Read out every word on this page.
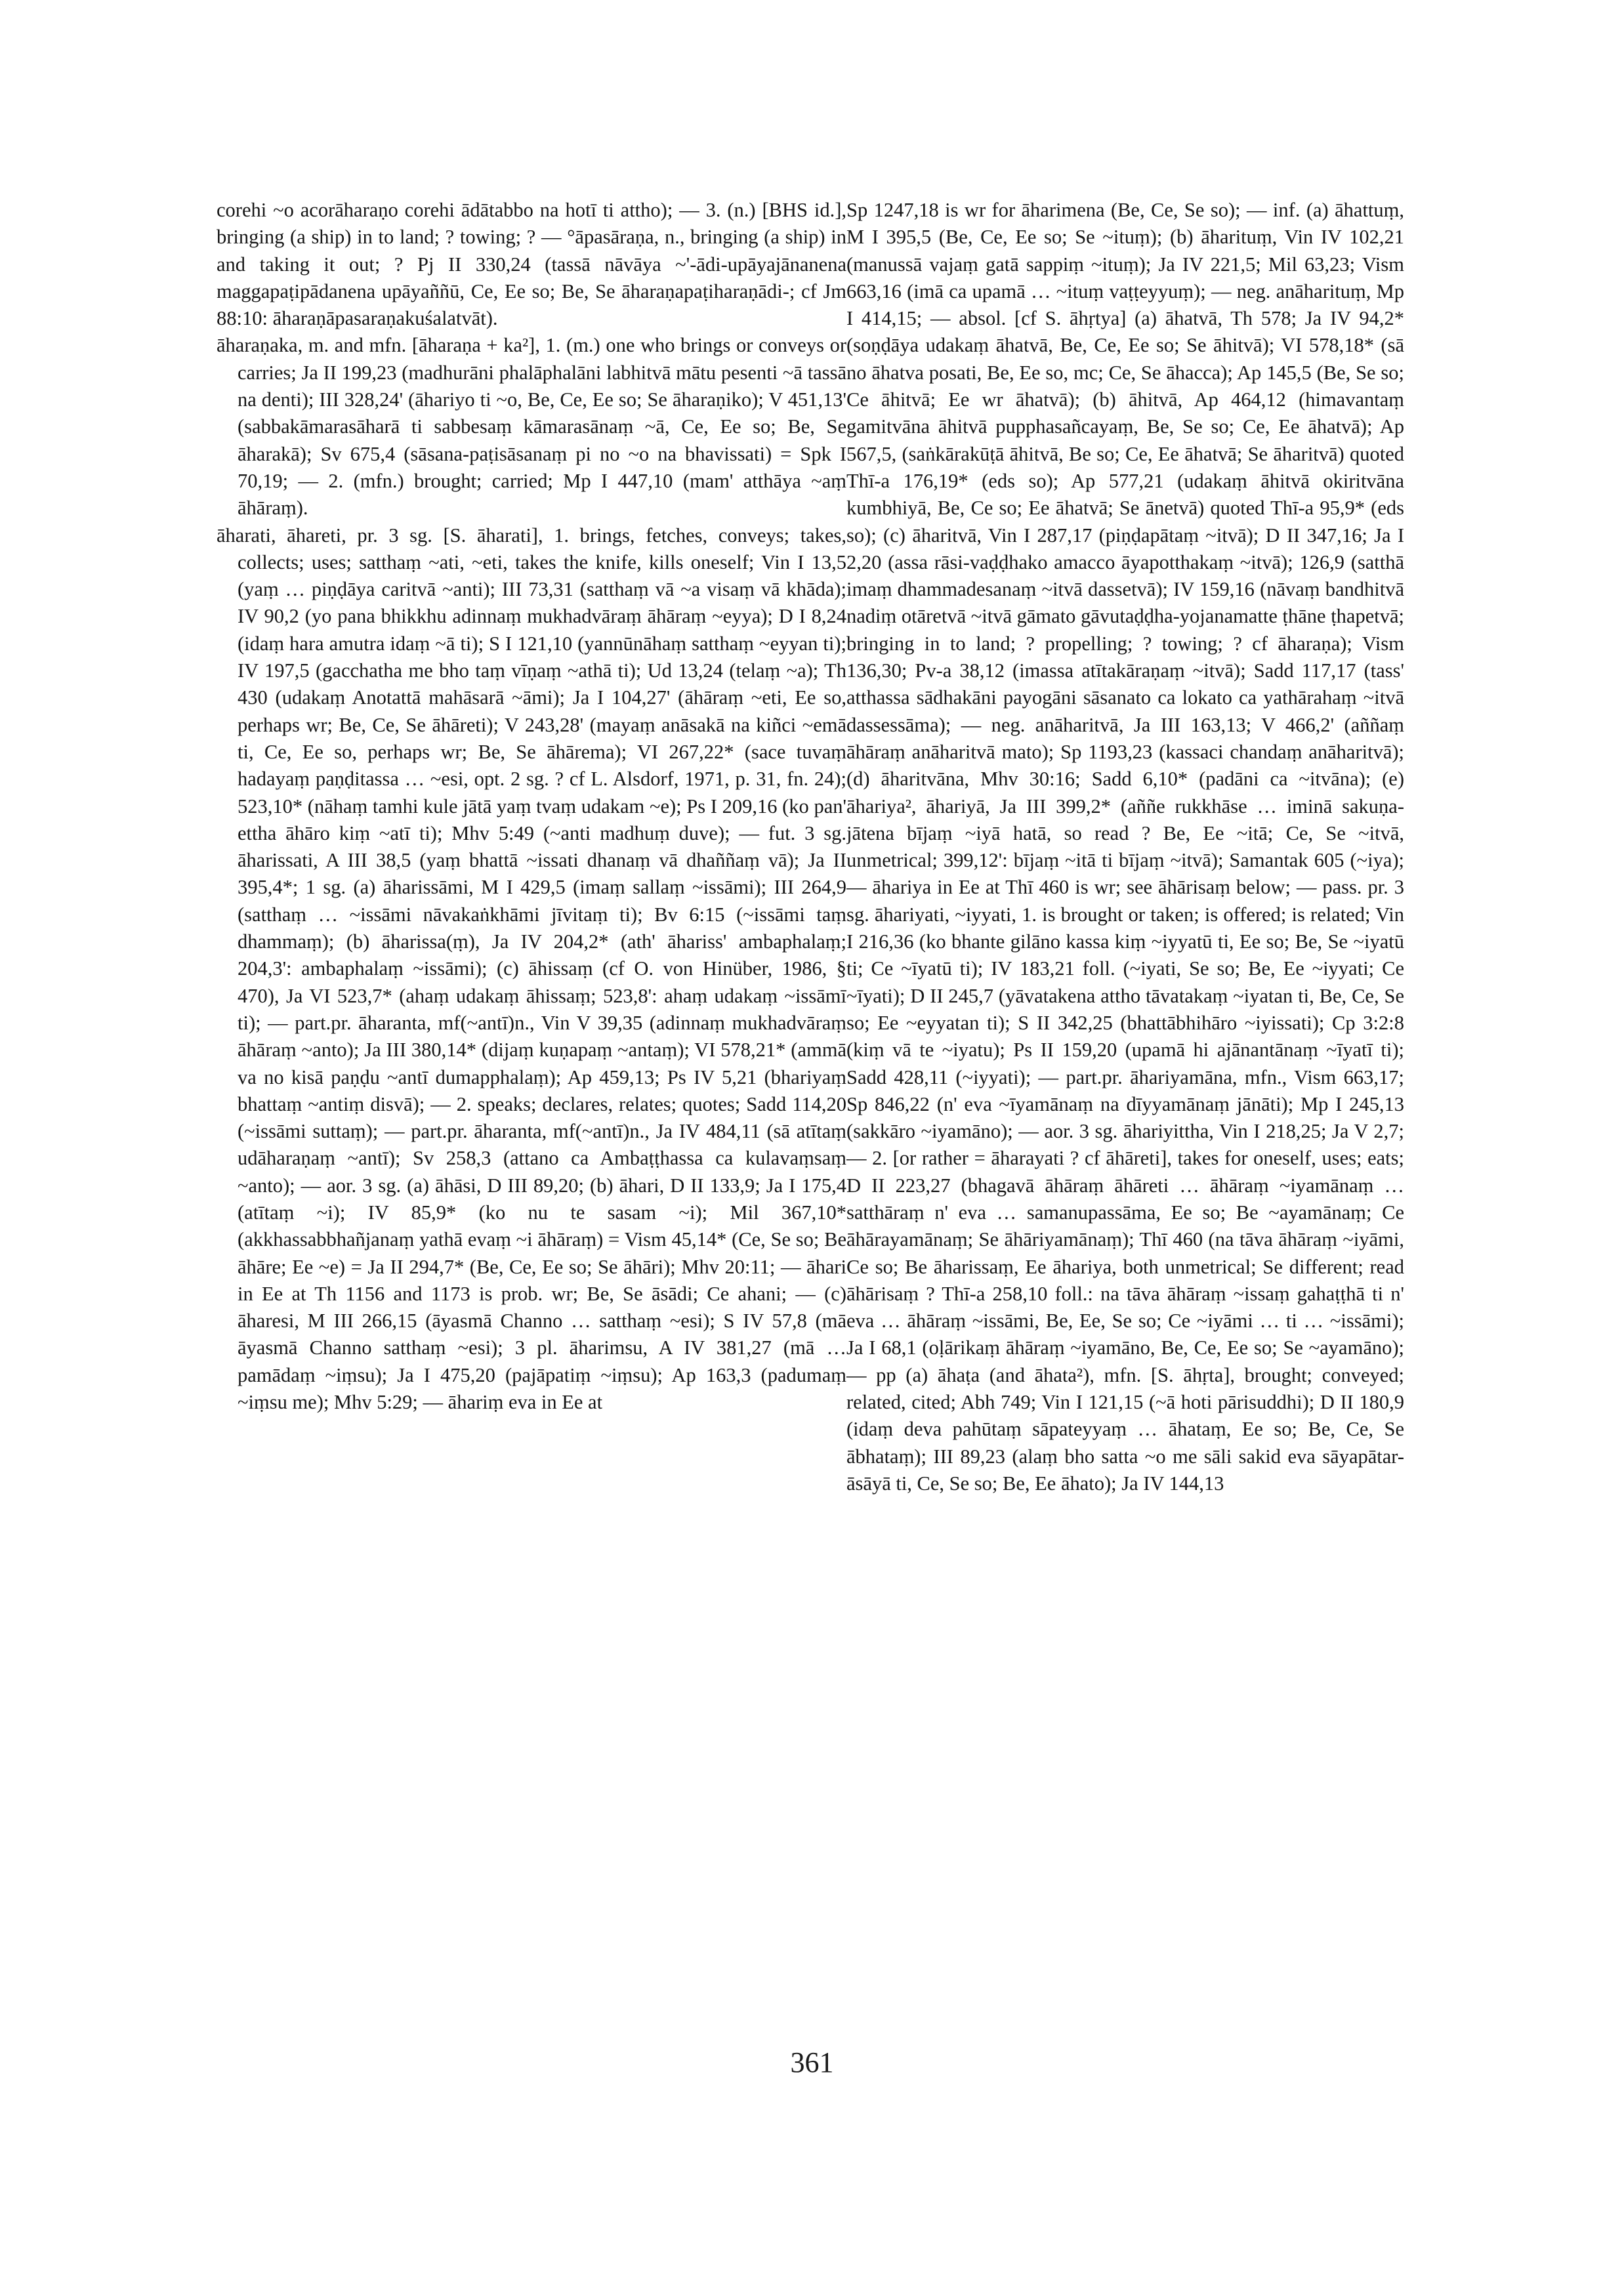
corehi ~o acorāharaṇo corehi ādātabbo na hotī ti attho); — 3. (n.) [BHS id.], bringing (a ship) in to land; ? towing; ? — °āpasāraṇa, n., bringing (a ship) in and taking it out; ? Pj II 330,24 (tassā nāvāya ~'-ādi-upāyajānanena maggapaṭipādanena upāyaññū, Ce, Ee so; Be, Se āharaṇapaṭiharaṇādi-; cf Jm 88:10: āharaṇāpasaraṇakuśalatvāt).

āharaṇaka, m. and mfn. [āharaṇa + ka²], 1. (m.) one who brings or conveys or carries; Ja II 199,23 (madhurāni phalāphalāni labhitvā mātu pesenti ~ā tassā na denti); III 328,24' (āhariyo ti ~o, Be, Ce, Ee so; Se āharaṇiko); V 451,13' (sabbakāmarasāharā ti sabbesaṃ kāmarasānaṃ ~ā, Ce, Ee so; Be, Se āharakā); Sv 675,4 (sāsana-paṭisāsanaṃ pi no ~o na bhavissati) = Spk I 70,19; — 2. (mfn.) brought; carried; Mp I 447,10 (mam' atthāya ~aṃ āhāraṃ).

āharati, āhareti, pr. 3 sg. [S. āharati], 1. brings, fetches, conveys; takes, collects; uses; satthaṃ ~ati, ~eti, takes the knife, kills oneself; Vin I 13,5 (yaṃ … piṇḍāya caritvā ~anti); III 73,31 (satthaṃ vā ~a visaṃ vā khāda); IV 90,2 (yo pana bhikkhu adinnaṃ mukhadvāraṃ āhāraṃ ~eyya); D I 8,24 (idaṃ hara amutra idaṃ ~ā ti); S I 121,10 (yannūnāhaṃ satthaṃ ~eyyan ti); IV 197,5 (gacchatha me bho taṃ vīṇaṃ ~athā ti); Ud 13,24 (telaṃ ~a); Th 430 (udakaṃ Anotattā mahāsarā ~āmi); Ja I 104,27' (āhāraṃ ~eti, Ee so, perhaps wr; Be, Ce, Se āhāreti); V 243,28' (mayaṃ anāsakā na kiñci ~emā ti, Ce, Ee so, perhaps wr; Be, Se āhārema); VI 267,22* (sace tuvaṃ hadayaṃ paṇḍitassa … ~esi, opt. 2 sg. ? cf L. Alsdorf, 1971, p. 31, fn. 24); 523,10* (nāhaṃ tamhi kule jātā yaṃ tvaṃ udakam ~e); Ps I 209,16 (ko pan' ettha āhāro kiṃ ~atī ti); Mhv 5:49 (~anti madhuṃ duve); — fut. 3 sg. āharissati, A III 38,5 (yaṃ bhattā ~issati dhanaṃ vā dhaññaṃ vā); Ja II 395,4*; 1 sg. (a) āharissāmi, M I 429,5 (imaṃ sallaṃ ~issāmi); III 264,9 (satthaṃ … ~issāmi nāvakaṅkhāmi jīvitaṃ ti); Bv 6:15 (~issāmi taṃ dhammaṃ); (b) āharissa(ṃ), Ja IV 204,2* (ath' āhariss' ambaphalaṃ; 204,3': ambaphalaṃ ~issāmi); (c) āhissaṃ (cf O. von Hinüber, 1986, § 470), Ja VI 523,7* (ahaṃ udakaṃ āhissaṃ; 523,8': ahaṃ udakaṃ ~issāmī ti); — part.pr. āharanta, mf(~antī)n., Vin V 39,35 (adinnaṃ mukhadvāraṃ āhāraṃ ~anto); Ja III 380,14* (dijaṃ kuṇapaṃ ~antaṃ); VI 578,21* (ammā va no kisā paṇḍu ~antī dumapphalaṃ); Ap 459,13; Ps IV 5,21 (bhariyaṃ bhattaṃ ~antiṃ disvā); — 2. speaks; declares, relates; quotes; Sadd 114,20 (~issāmi suttaṃ); — part.pr. āharanta, mf(~antī)n., Ja IV 484,11 (sā atītaṃ udāharaṇaṃ ~antī); Sv 258,3 (attano ca Ambaṭṭhassa ca kulavaṃsaṃ ~anto); — aor. 3 sg. (a) āhāsi, D III 89,20; (b) āhari, D II 133,9; Ja I 175,4 (atītaṃ ~i); IV 85,9* (ko nu te sasam ~i); Mil 367,10* (akkhassabbhañjanaṃ yathā evaṃ ~i āhāraṃ) = Vism 45,14* (Ce, Se so; Be āhāre; Ee ~e) = Ja II 294,7* (Be, Ce, Ee so; Se āhāri); Mhv 20:11; — āhari in Ee at Th 1156 and 1173 is prob. wr; Be, Se āsādi; Ce ahani; — (c) āharesi, M III 266,15 (āyasmā Channo … satthaṃ ~esi); S IV 57,8 (mā āyasmā Channo satthaṃ ~esi); 3 pl. āharimsu, A IV 381,27 (mā … pamādaṃ ~iṃsu); Ja I 475,20 (pajāpatiṃ ~iṃsu); Ap 163,3 (padumaṃ ~iṃsu me); Mhv 5:29; — āhariṃ eva in Ee at

Sp 1247,18 is wr for āharimena (Be, Ce, Se so); — inf. (a) āhattuṃ, M I 395,5 (Be, Ce, Ee so; Se ~ituṃ); (b) āharituṃ, Vin IV 102,21 (manussā vajaṃ gatā sappiṃ ~ituṃ); Ja IV 221,5; Mil 63,23; Vism 663,16 (imā ca upamā … ~ituṃ vaṭṭeyyuṃ); — neg. anāharituṃ, Mp I 414,15; — absol. [cf S. āhṛtya] (a) āhatvā, Th 578; Ja IV 94,2* (soṇḍāya udakaṃ āhatvā, Be, Ce, Ee so; Se āhitvā); VI 578,18* (sā no āhatva posati, Be, Ee so, mc; Ce, Se āhacca); Ap 145,5 (Be, Se so; Ce āhitvā; Ee wr āhatvā); (b) āhitvā, Ap 464,12 (himavantaṃ gamitvāna āhitvā pupphasañcayaṃ, Be, Se so; Ce, Ee āhatvā); Ap 567,5, (saṅkārakūṭā āhitvā, Be so; Ce, Ee āhatvā; Se āharitvā) quoted Thī-a 176,19* (eds so); Ap 577,21 (udakaṃ āhitvā okiritvāna kumbhiyā, Be, Ce so; Ee āhatvā; Se ānetvā) quoted Thī-a 95,9* (eds so); (c) āharitvā, Vin I 287,17 (piṇḍapātaṃ ~itvā); D II 347,16; Ja I 2,20 (assa rāsi-vaḍḍhako amacco āyapotthakaṃ ~itvā); 126,9 (satthā imaṃ dhammadesanaṃ ~itvā dassetvā); IV 159,16 (nāvaṃ bandhitvā nadiṃ otāretvā ~itvā gāmato gāvutaḍḍha-yojanamatte ṭhāne ṭhapetvā; bringing in to land; ? propelling; ? towing; ? cf āharaṇa); Vism 136,30; Pv-a 38,12 (imassa atītakāraṇaṃ ~itvā); Sadd 117,17 (tass' atthassa sādhakāni payogāni sāsanato ca lokato ca yathārahaṃ ~itvā dassessāma); — neg. anāharitvā, Ja III 163,13; V 466,2' (aññaṃ āhāraṃ anāharitvā mato); Sp 1193,23 (kassaci chandaṃ anāharitvā); (d) āharitvāna, Mhv 30:16; Sadd 6,10* (padāni ca ~itvāna); (e) āhariya², āhariyā, Ja III 399,2* (aññe rukkhāse … iminā sakuṇa-jātena bījaṃ ~iyā hatā, so read ? Be, Ee ~itā; Ce, Se ~itvā, unmetrical; 399,12': bījaṃ ~itā ti bījaṃ ~itvā); Samantak 605 (~iya); — āhariya in Ee at Thī 460 is wr; see āhārisaṃ below; — pass. pr. 3 sg. āhariyati, ~iyyati, 1. is brought or taken; is offered; is related; Vin I 216,36 (ko bhante gilāno kassa kiṃ ~iyyatū ti, Ee so; Be, Se ~iyatū ti; Ce ~īyatū ti); IV 183,21 foll. (~iyati, Se so; Be, Ee ~iyyati; Ce ~īyati); D II 245,7 (yāvatakena attho tāvatakaṃ ~iyatan ti, Be, Ce, Se so; Ee ~eyyatan ti); S II 342,25 (bhattābhihāro ~iyissati); Cp 3:2:8 (kiṃ vā te ~iyatu); Ps II 159,20 (upamā hi ajānantānaṃ ~īyatī ti); Sadd 428,11 (~iyyati); — part.pr. āhariyamāna, mfn., Vism 663,17; Sp 846,22 (n' eva ~īyamānaṃ na dīyyamānaṃ jānāti); Mp I 245,13 (sakkāro ~iyamāno); — aor. 3 sg. āhariyittha, Vin I 218,25; Ja V 2,7; — 2. [or rather = āharayati ? cf āhāreti], takes for oneself, uses; eats; D II 223,27 (bhagavā āhāraṃ āhāreti … āhāraṃ ~iyamānaṃ … satthāraṃ n' eva … samanupassāma, Ee so; Be ~ayamānaṃ; Ce āhārayamānaṃ; Se āhāriyamānaṃ); Thī 460 (na tāva āhāraṃ ~iyāmi, Ce so; Be āharissaṃ, Ee āhariya, both unmetrical; Se different; read āhārisaṃ ? Thī-a 258,10 foll.: na tāva āhāraṃ ~issaṃ gahaṭṭhā ti n' eva … āhāraṃ ~issāmi, Be, Ee, Se so; Ce ~iyāmi … ti … ~issāmi); Ja I 68,1 (oḷārikaṃ āhāraṃ ~iyamāno, Be, Ce, Ee so; Se ~ayamāno); — pp (a) āhaṭa (and āhata²), mfn. [S. āhṛta], brought; conveyed; related, cited; Abh 749; Vin I 121,15 (~ā hoti pārisuddhi); D II 180,9 (idaṃ deva pahūtaṃ sāpateyyaṃ … āhataṃ, Ee so; Be, Ce, Se ābhataṃ); III 89,23 (alaṃ bho satta ~o me sāli sakid eva sāyapātar-āsāyā ti, Ce, Se so; Be, Ee āhato); Ja IV 144,13

361
